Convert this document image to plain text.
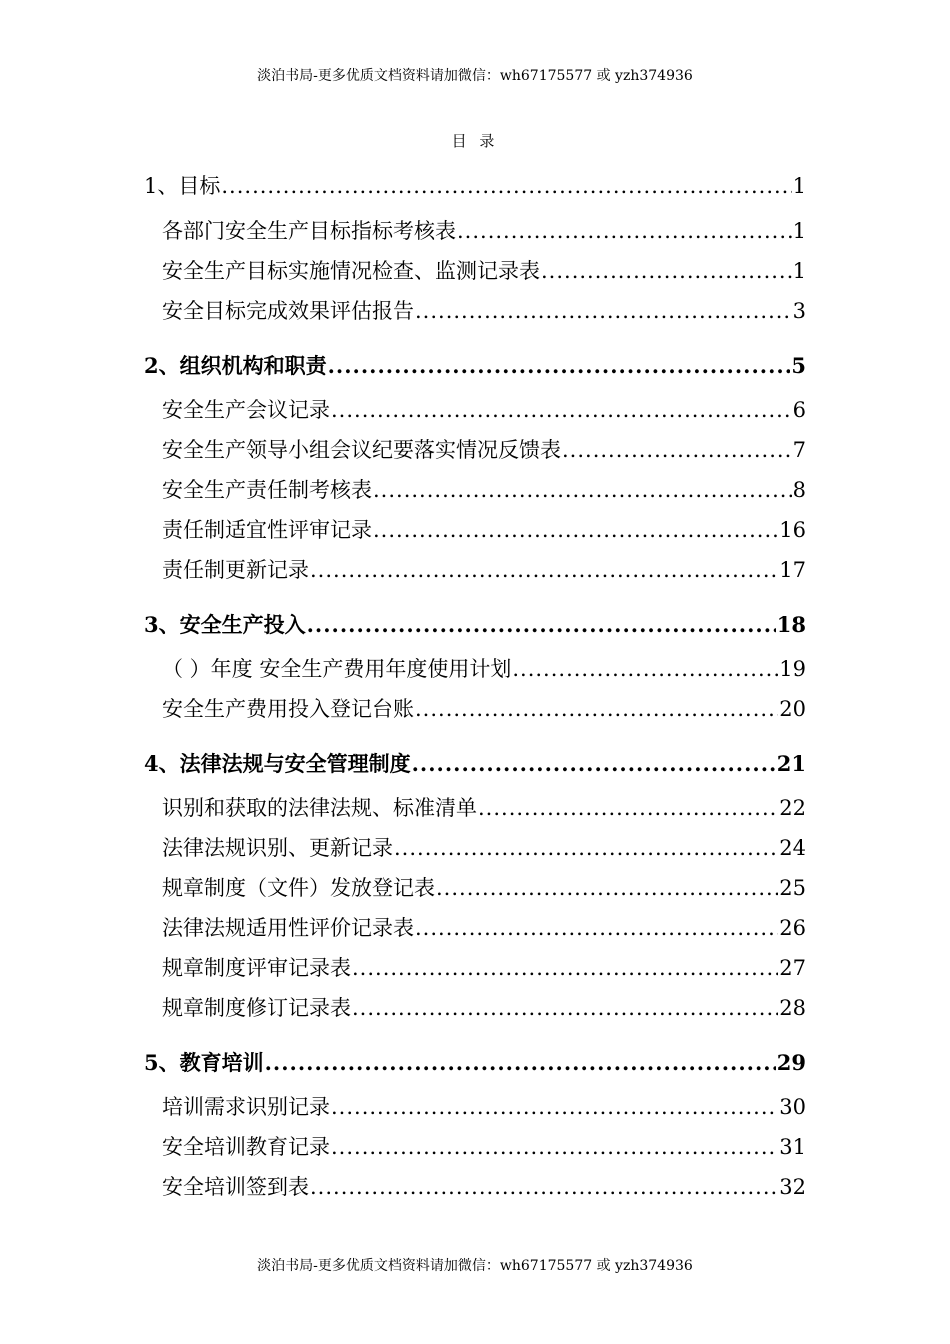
淡泊书局-更多优质文档资料请加微信：wh67175577 或 yzh374936
目 录
1、目标 .....	1
各部门安全生产目标指标考核表 .....	1
安全生产目标实施情况检查、监测记录表 .....	1
安全目标完成效果评估报告 .....	3
2、组织机构和职责 .....	5
安全生产会议记录 .....	6
安全生产领导小组会议纪要落实情况反馈表 .....	7
安全生产责任制考核表 .....	8
责任制适宜性评审记录 .....	16
责任制更新记录 .....	17
3、安全生产投入 .....	18
（ ）年度 安全生产费用年度使用计划 .....	19
安全生产费用投入登记台账 .....	20
4、法律法规与安全管理制度 .....	21
识别和获取的法律法规、标准清单 .....	22
法律法规识别、更新记录 .....	24
规章制度（文件）发放登记表 .....	25
法律法规适用性评价记录表 .....	26
规章制度评审记录表 .....	27
规章制度修订记录表 .....	28
5、教育培训 .....	29
培训需求识别记录 .....	30
安全培训教育记录 .....	31
安全培训签到表 .....	32
淡泊书局-更多优质文档资料请加微信：wh67175577 或 yzh374936
